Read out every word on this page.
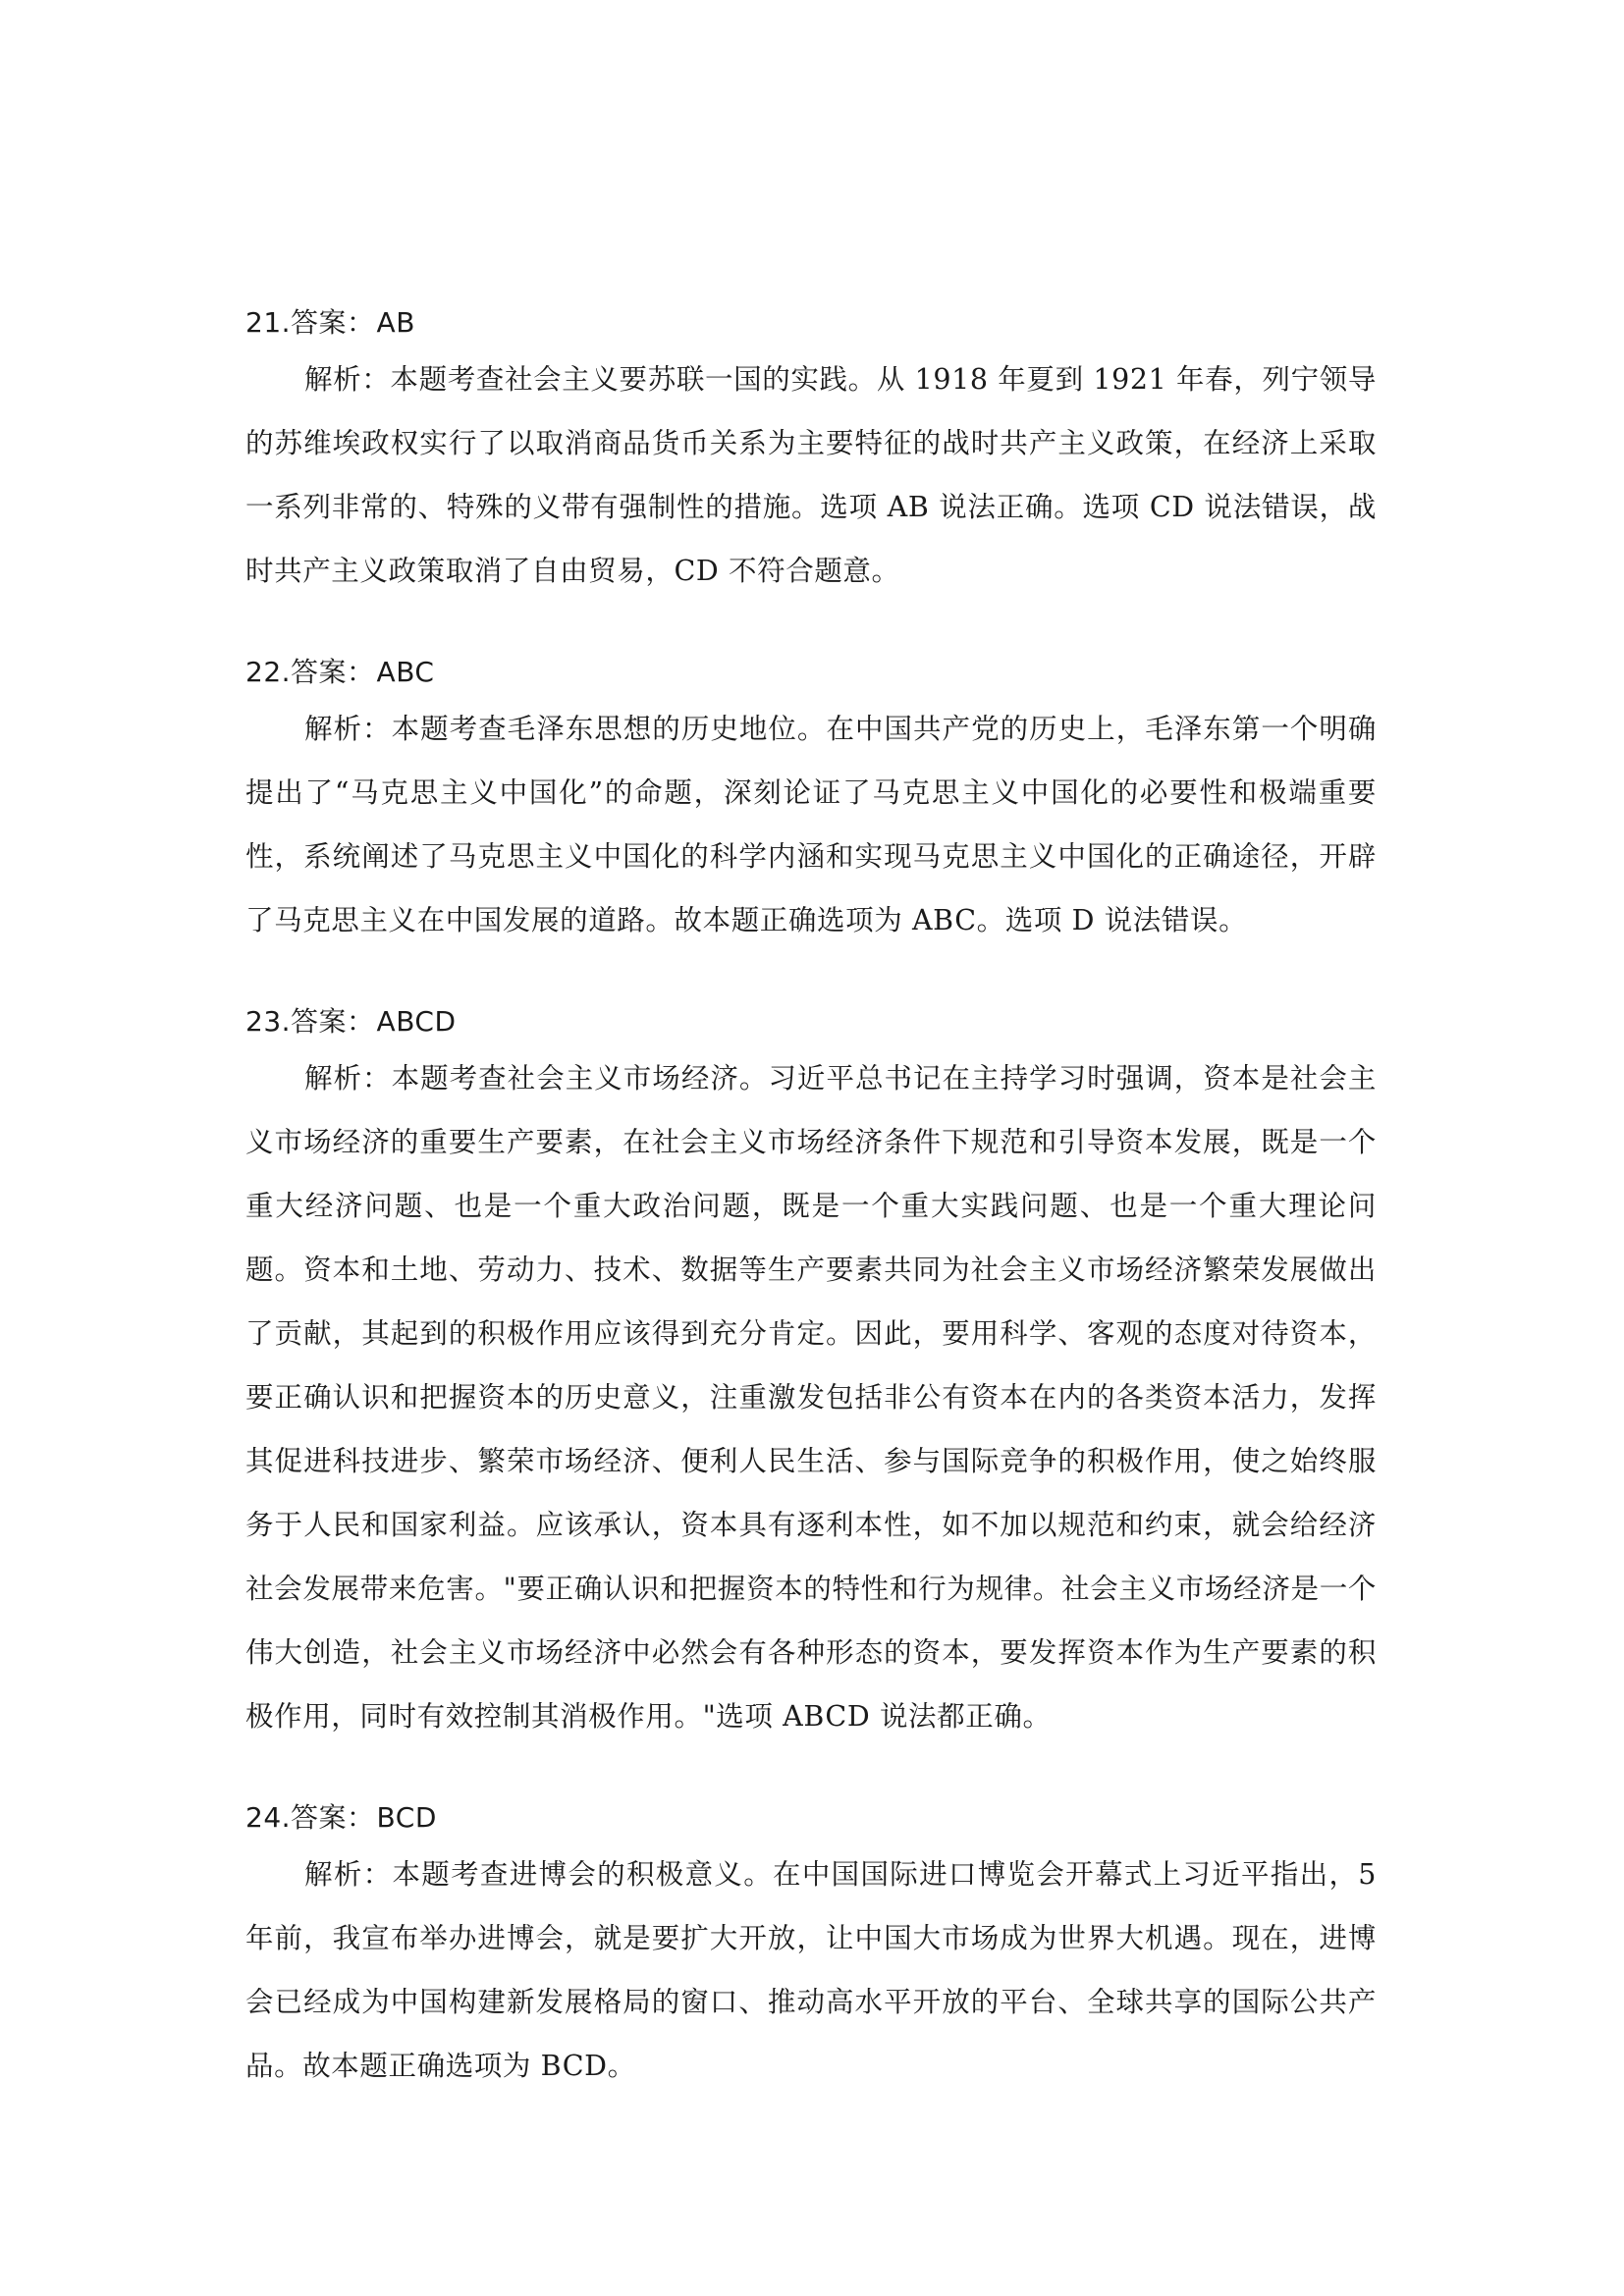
21.答案：AB

解析：本题考查社会主义要苏联一国的实践。从 1918 年夏到 1921 年春，列宁领导的苏维埃政权实行了以取消商品货币关系为主要特征的战时共产主义政策，在经济上采取一系列非常的、特殊的义带有强制性的措施。选项 AB 说法正确。选项 CD 说法错误，战时共产主义政策取消了自由贸易，CD 不符合题意。

22.答案：ABC

解析：本题考查毛泽东思想的历史地位。在中国共产党的历史上，毛泽东第一个明确提出了“马克思主义中国化”的命题，深刻论证了马克思主义中国化的必要性和极端重要性，系统阐述了马克思主义中国化的科学内涵和实现马克思主义中国化的正确途径，开辟了马克思主义在中国发展的道路。故本题正确选项为 ABC。选项 D 说法错误。

23.答案：ABCD

解析：本题考查社会主义市场经济。习近平总书记在主持学习时强调，资本是社会主义市场经济的重要生产要素，在社会主义市场经济条件下规范和引导资本发展，既是一个重大经济问题、也是一个重大政治问题，既是一个重大实践问题、也是一个重大理论问题。资本和土地、劳动力、技术、数据等生产要素共同为社会主义市场经济繁荣发展做出了贡献，其起到的积极作用应该得到充分肯定。因此，要用科学、客观的态度对待资本，要正确认识和把握资本的历史意义，注重激发包括非公有资本在内的各类资本活力，发挥其促进科技进步、繁荣市场经济、便利人民生活、参与国际竞争的积极作用，使之始终服务于人民和国家利益。应该承认，资本具有逐利本性，如不加以规范和约束，就会给经济社会发展带来危害。"要正确认识和把握资本的特性和行为规律。社会主义市场经济是一个伟大创造，社会主义市场经济中必然会有各种形态的资本，要发挥资本作为生产要素的积极作用，同时有效控制其消极作用。"选项 ABCD 说法都正确。

24.答案：BCD

解析：本题考查进博会的积极意义。在中国国际进口博览会开幕式上习近平指出，5 年前，我宣布举办进博会，就是要扩大开放，让中国大市场成为世界大机遇。现在，进博会已经成为中国构建新发展格局的窗口、推动高水平开放的平台、全球共享的国际公共产品。故本题正确选项为 BCD。
